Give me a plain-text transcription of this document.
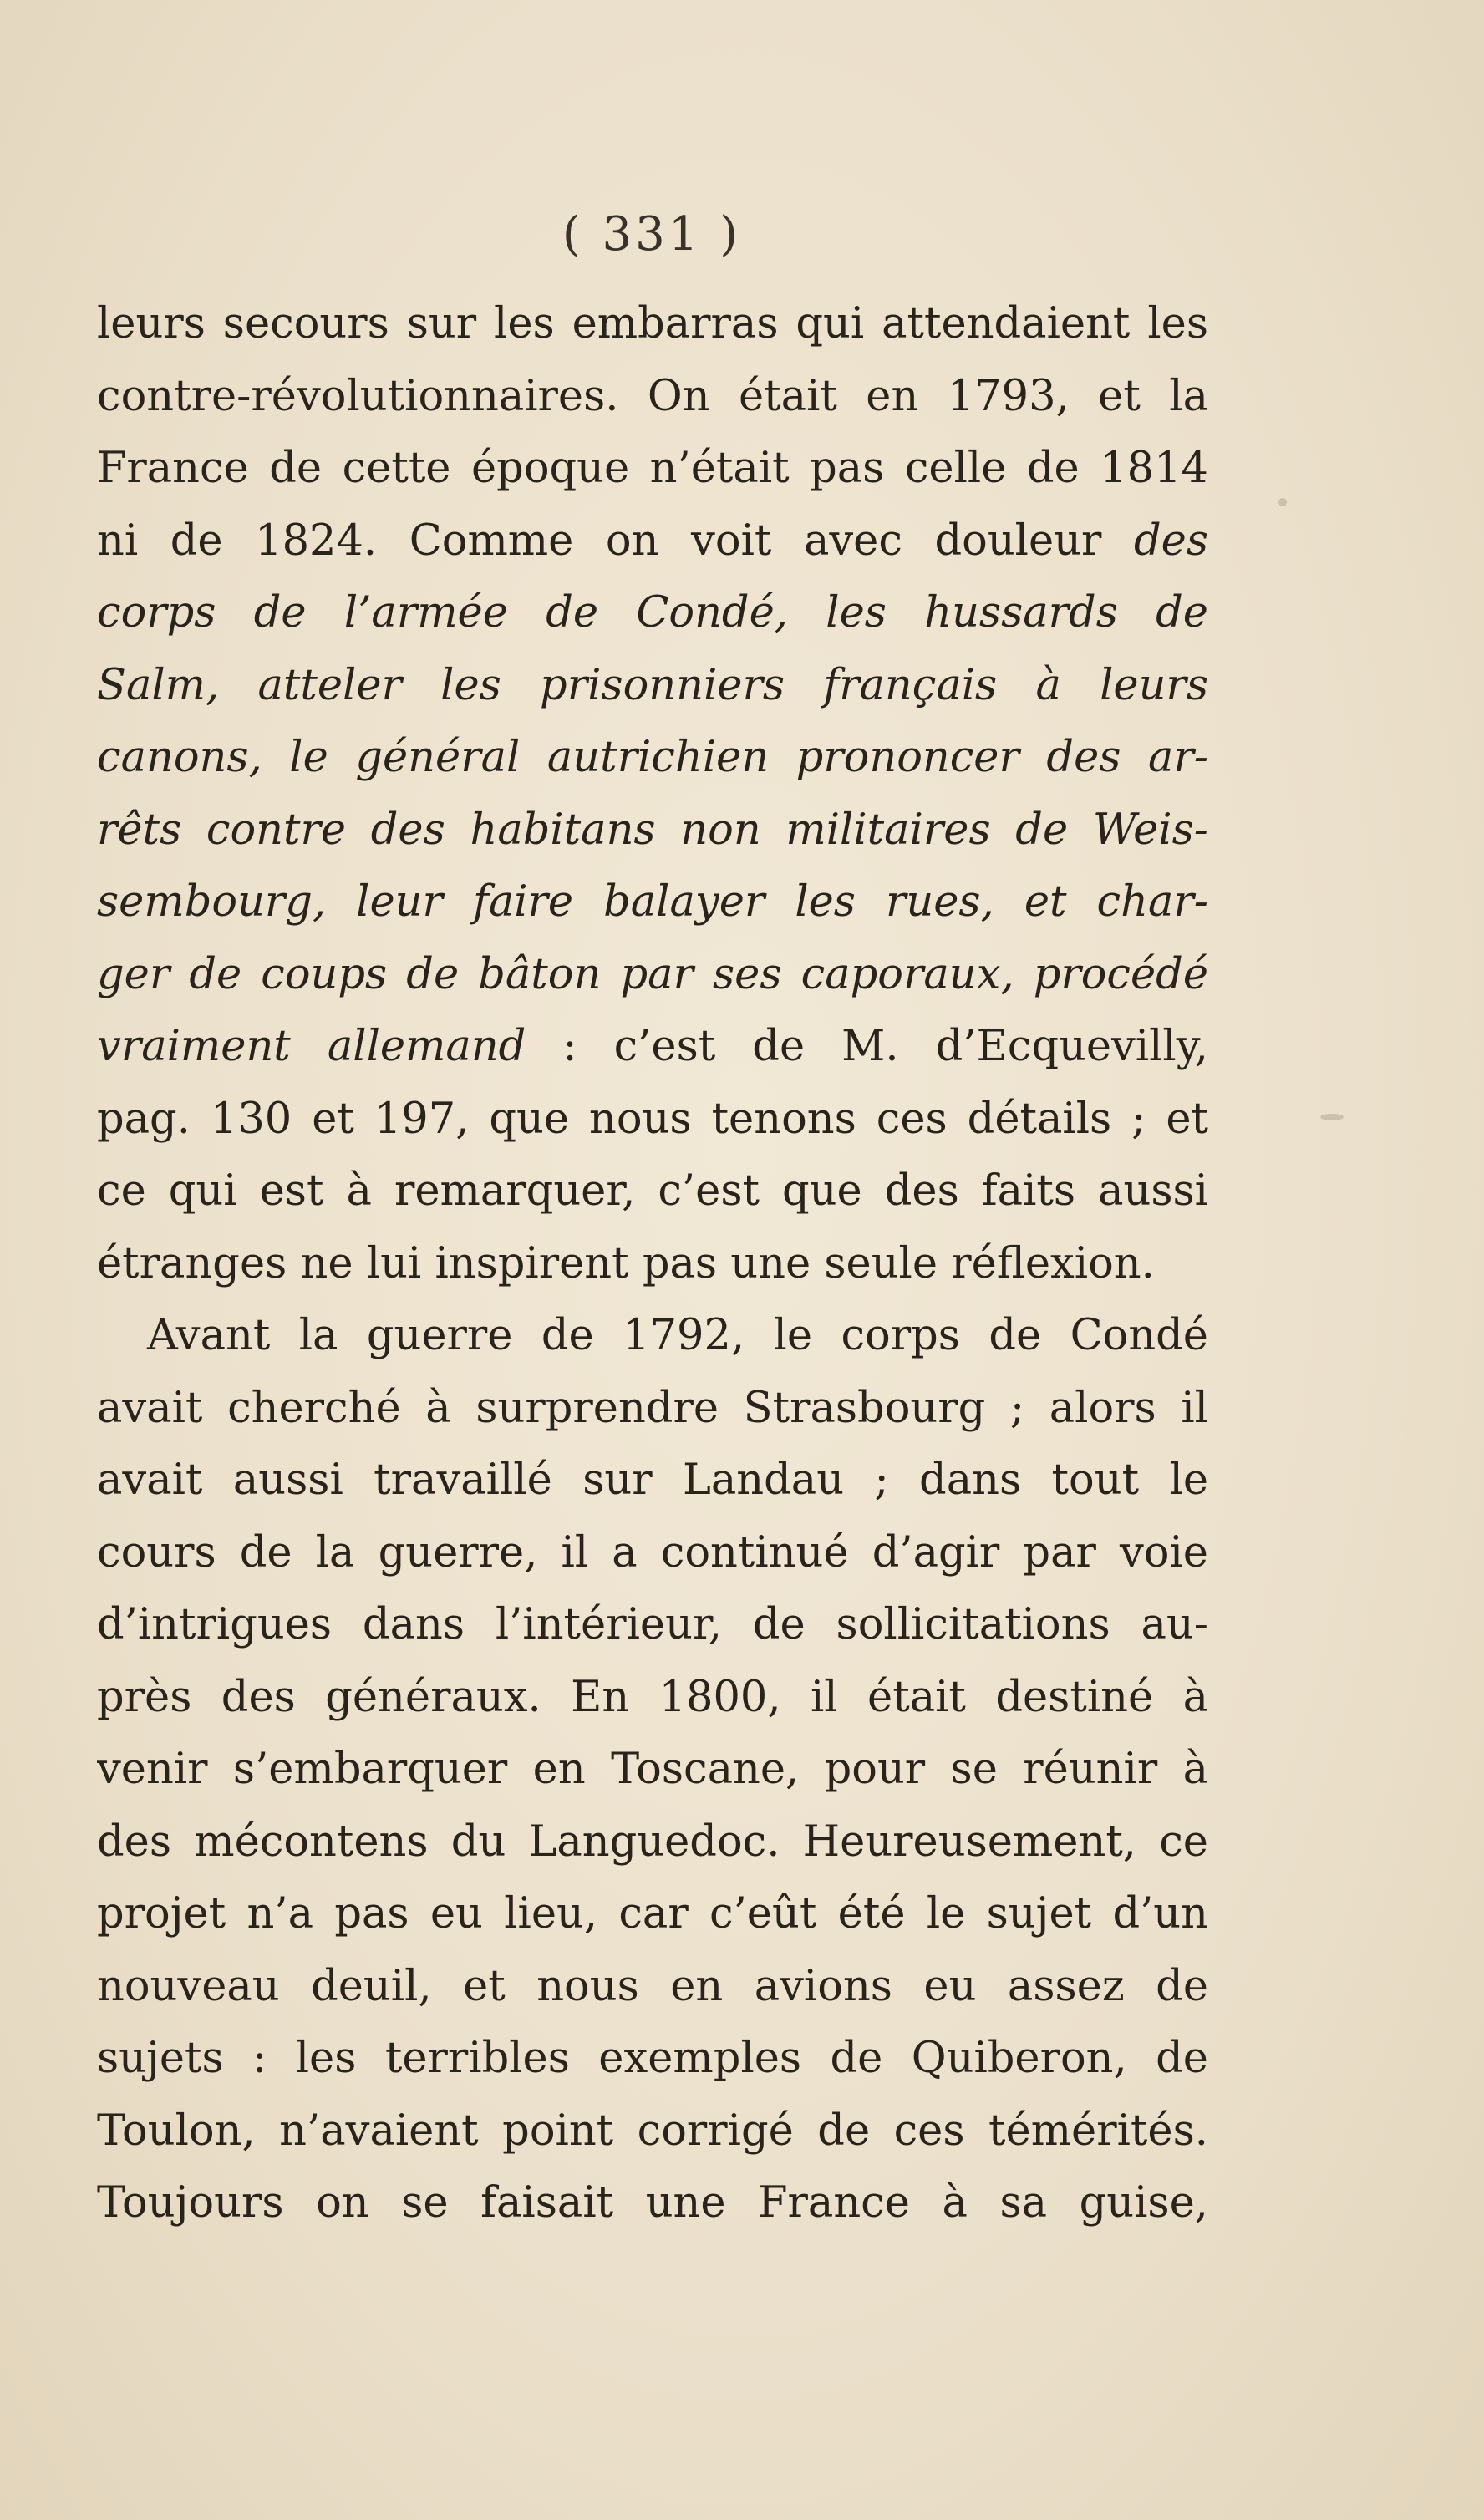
( 331 )
leurs secours sur les embarras qui attendaient les
contre-révolutionnaires. On était en 1793, et la
France de cette époque n’était pas celle de 1814
ni de 1824. Comme on voit avec douleur des
corps de l’armée de Condé, les hussards de
Salm, atteler les prisonniers français à leurs
canons, le général autrichien prononcer des ar-
rêts contre des habitans non militaires de Weis-
sembourg, leur faire balayer les rues, et char-
ger de coups de bâton par ses caporaux, procédé
vraiment allemand : c’est de M. d’Ecquevilly,
pag. 130 et 197, que nous tenons ces détails ; et
ce qui est à remarquer, c’est que des faits aussi
étranges ne lui inspirent pas une seule réflexion.
Avant la guerre de 1792, le corps de Condé
avait cherché à surprendre Strasbourg ; alors il
avait aussi travaillé sur Landau ; dans tout le
cours de la guerre, il a continué d’agir par voie
d’intrigues dans l’intérieur, de sollicitations au-
près des généraux. En 1800, il était destiné à
venir s’embarquer en Toscane, pour se réunir à
des mécontens du Languedoc. Heureusement, ce
projet n’a pas eu lieu, car c’eût été le sujet d’un
nouveau deuil, et nous en avions eu assez de
sujets : les terribles exemples de Quiberon, de
Toulon, n’avaient point corrigé de ces témérités.
Toujours on se faisait une France à sa guise,
